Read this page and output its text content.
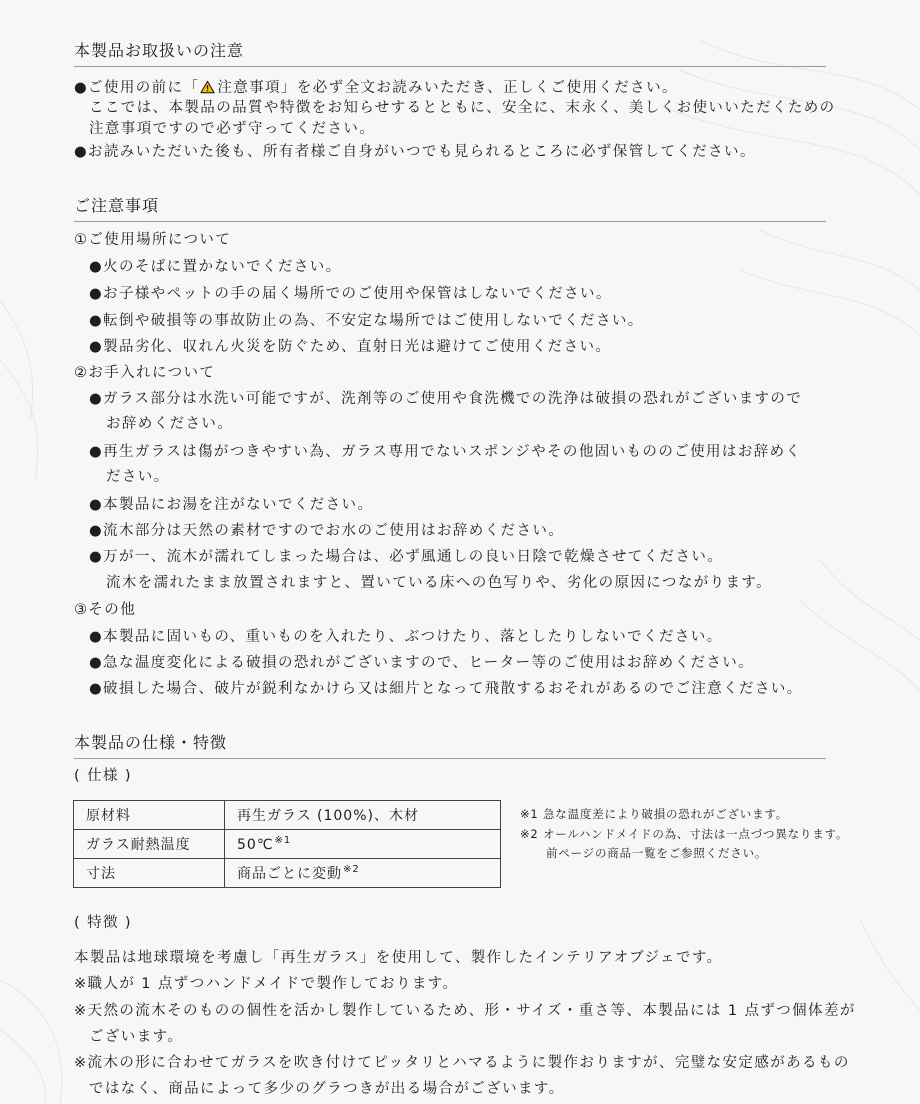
本製品お取扱いの注意
●ご使用の前に「 注意事項」を必ず全文お読みいただき、正しくご使用ください。
ここでは、本製品の品質や特徴をお知らせするとともに、安全に、末永く、美しくお使いいただくための
注意事項ですので必ず守ってください。
●お読みいただいた後も、所有者様ご自身がいつでも見られるところに必ず保管してください。
ご注意事項
①ご使用場所について
●火のそばに置かないでください。
●お子様やペットの手の届く場所でのご使用や保管はしないでください。
●転倒や破損等の事故防止の為、不安定な場所ではご使用しないでください。
●製品劣化、収れん火災を防ぐため、直射日光は避けてご使用ください。
②お手入れについて
●ガラス部分は水洗い可能ですが、洗剤等のご使用や食洗機での洗浄は破損の恐れがございますので
お辞めください。
●再生ガラスは傷がつきやすい為、ガラス専用でないスポンジやその他固いもののご使用はお辞めく
ださい。
●本製品にお湯を注がないでください。
●流木部分は天然の素材ですのでお水のご使用はお辞めください。
●万が一、流木が濡れてしまった場合は、必ず風通しの良い日陰で乾燥させてください。
流木を濡れたまま放置されますと、置いている床への色写りや、劣化の原因につながります。
③その他
●本製品に固いもの、重いものを入れたり、ぶつけたり、落としたりしないでください。
●急な温度変化による破損の恐れがございますので、ヒーター等のご使用はお辞めください。
●破損した場合、破片が鋭利なかけら又は細片となって飛散するおそれがあるのでご注意ください。
本製品の仕様・特徴
( 仕様 )
原材料	再生ガラス (100%)、木材
ガラス耐熱温度	50℃$^{※1}$
寸法	商品ごとに変動$^{※2}$
※1 急な温度差により破損の恐れがございます。
※2 オールハンドメイドの為、寸法は一点づつ異なります。
前ページの商品一覧をご参照ください。
( 特徴 )
本製品は地球環境を考慮し「再生ガラス」を使用して、製作したインテリアオブジェです。
※職人が 1 点ずつハンドメイドで製作しております。
※天然の流木そのものの個性を活かし製作しているため、形・サイズ・重さ等、本製品には 1 点ずつ個体差が
ございます。
※流木の形に合わせてガラスを吹き付けてピッタリとハマるように製作おりますが、完璧な安定感があるもの
ではなく、商品によって多少のグラつきが出る場合がございます。
